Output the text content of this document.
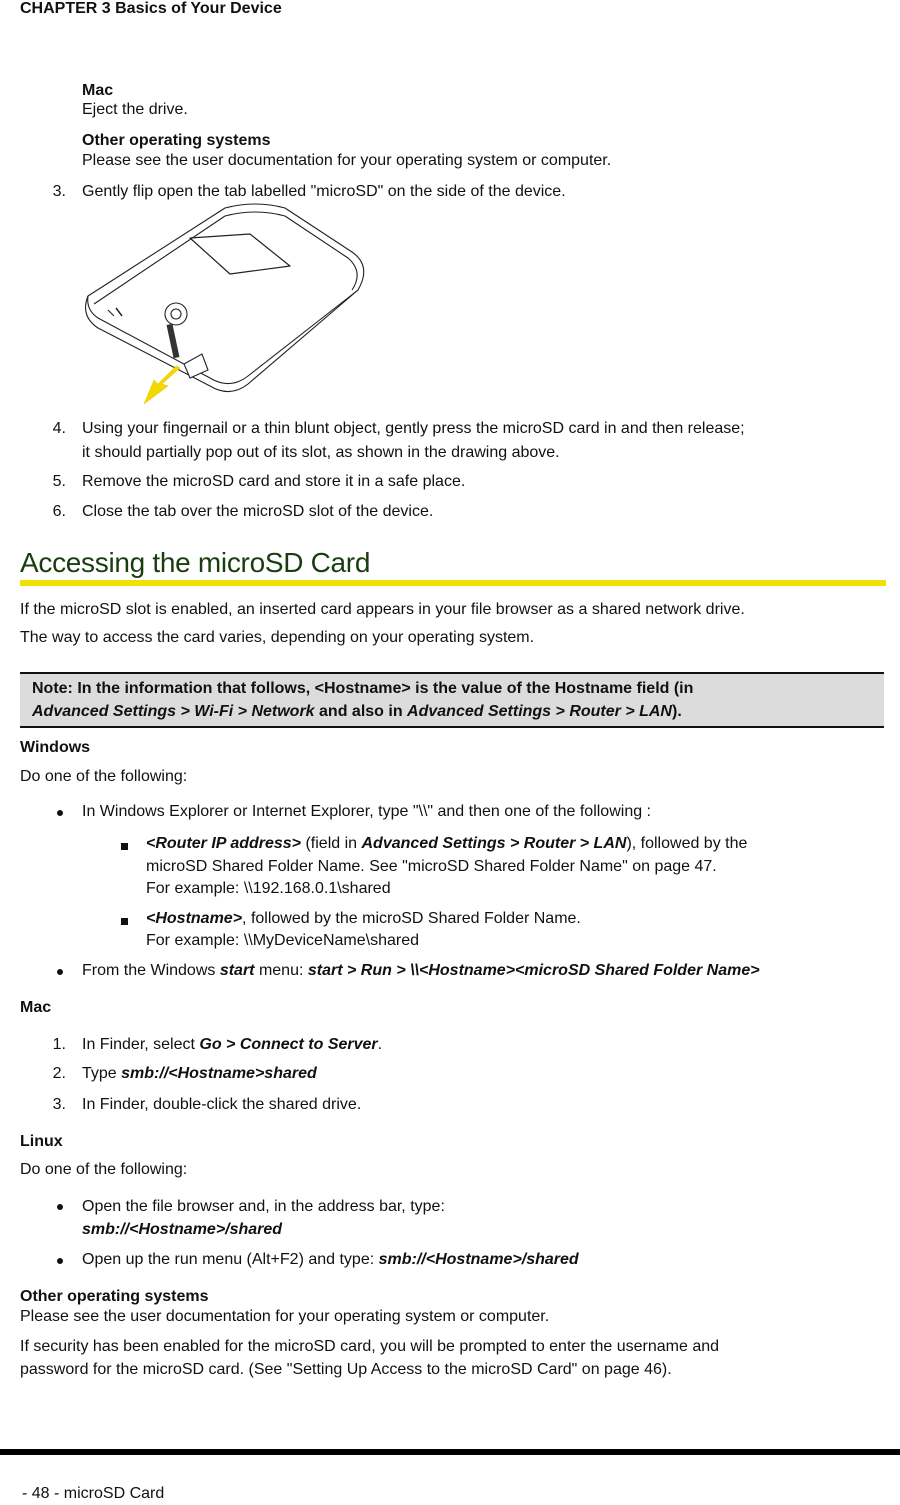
CHAPTER 3 Basics of Your Device
Mac
Eject the drive.
Other operating systems
Please see the user documentation for your operating system or computer.
3. Gently flip open the tab labelled "microSD" on the side of the device.
4. Using your fingernail or a thin blunt object, gently press the microSD card in and then release;
it should partially pop out of its slot, as shown in the drawing above.
5. Remove the microSD card and store it in a safe place.
6. Close the tab over the microSD slot of the device.
Accessing the microSD Card
If the microSD slot is enabled, an inserted card appears in your file browser as a shared network drive.
The way to access the card varies, depending on your operating system.
Note: In the information that follows, <Hostname> is the value of the Hostname field (in
Advanced Settings > Wi-Fi > Network and also in Advanced Settings > Router > LAN).
Windows
Do one of the following:
In Windows Explorer or Internet Explorer, type "\\" and then one of the following :
<Router IP address> (field in Advanced Settings > Router > LAN), followed by the
microSD Shared Folder Name. See "microSD Shared Folder Name" on page 47.
For example: \\192.168.0.1\shared
<Hostname>, followed by the microSD Shared Folder Name.
For example: \\MyDeviceName\shared
From the Windows start menu: start > Run > \\<Hostname><microSD Shared Folder Name>
Mac
1. In Finder, select Go > Connect to Server.
2. Type smb://<Hostname>shared
3. In Finder, double-click the shared drive.
Linux
Do one of the following:
Open the file browser and, in the address bar, type:
smb://<Hostname>/shared
Open up the run menu (Alt+F2) and type: smb://<Hostname>/shared
Other operating systems
Please see the user documentation for your operating system or computer.
If security has been enabled for the microSD card, you will be prompted to enter the username and
password for the microSD card. (See "Setting Up Access to the microSD Card" on page 46).
- 48 - microSD Card
